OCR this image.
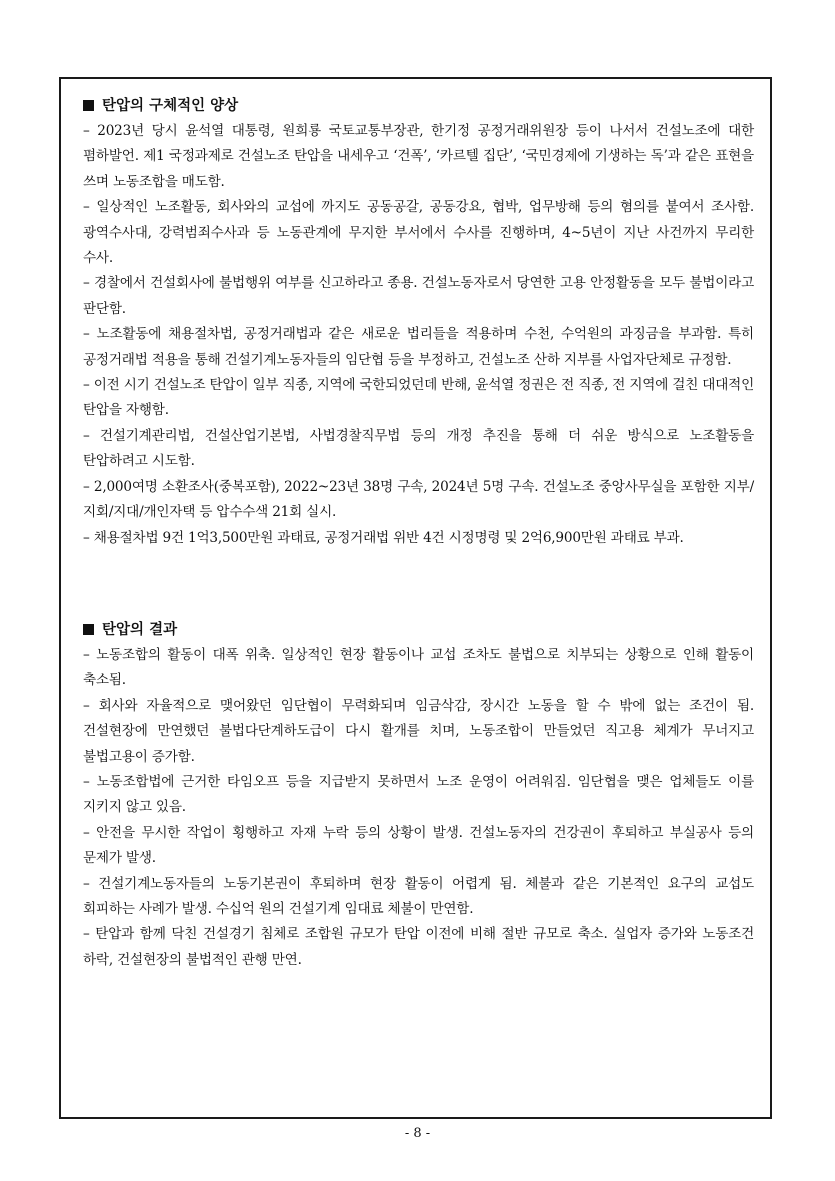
탄압의 구체적인 양상
– 2023년 당시 윤석열 대통령, 원희룡 국토교통부장관, 한기정 공정거래위원장 등이 나서서 건설노조에 대한 폄하발언. 제1 국정과제로 건설노조 탄압을 내세우고 ‘건폭’, ‘카르텔 집단’, ‘국민경제에 기생하는 독’과 같은 표현을 쓰며 노동조합을 매도함.
– 일상적인 노조활동, 회사와의 교섭에 까지도 공동공갈, 공동강요, 협박, 업무방해 등의 혐의를 붙여서 조사함. 광역수사대, 강력범죄수사과 등 노동관계에 무지한 부서에서 수사를 진행하며, 4~5년이 지난 사건까지 무리한 수사.
– 경찰에서 건설회사에 불법행위 여부를 신고하라고 종용. 건설노동자로서 당연한 고용 안정활동을 모두 불법이라고 판단함.
– 노조활동에 채용절차법, 공정거래법과 같은 새로운 법리들을 적용하며 수천, 수억원의 과징금을 부과함. 특히 공정거래법 적용을 통해 건설기계노동자들의 임단협 등을 부정하고, 건설노조 산하 지부를 사업자단체로 규정함.
– 이전 시기 건설노조 탄압이 일부 직종, 지역에 국한되었던데 반해, 윤석열 정권은 전 직종, 전 지역에 걸친 대대적인 탄압을 자행함.
– 건설기계관리법, 건설산업기본법, 사법경찰직무법 등의 개정 추진을 통해 더 쉬운 방식으로 노조활동을 탄압하려고 시도함.
– 2,000여명 소환조사(중복포함), 2022~23년 38명 구속, 2024년 5명 구속. 건설노조 중앙사무실을 포함한 지부/지회/지대/개인자택 등 압수수색 21회 실시.
– 채용절차법 9건 1억3,500만원 과태료, 공정거래법 위반 4건 시정명령 및 2억6,900만원 과태료 부과.
탄압의 결과
– 노동조합의 활동이 대폭 위축. 일상적인 현장 활동이나 교섭 조차도 불법으로 치부되는 상황으로 인해 활동이 축소됨.
– 회사와 자율적으로 맺어왔던 임단협이 무력화되며 임금삭감, 장시간 노동을 할 수 밖에 없는 조건이 됨. 건설현장에 만연했던 불법다단계하도급이 다시 활개를 치며, 노동조합이 만들었던 직고용 체계가 무너지고 불법고용이 증가함.
– 노동조합법에 근거한 타임오프 등을 지급받지 못하면서 노조 운영이 어려워짐. 임단협을 맺은 업체들도 이를 지키지 않고 있음.
– 안전을 무시한 작업이 횡행하고 자재 누락 등의 상황이 발생. 건설노동자의 건강권이 후퇴하고 부실공사 등의 문제가 발생.
– 건설기계노동자들의 노동기본권이 후퇴하며 현장 활동이 어렵게 됨. 체불과 같은 기본적인 요구의 교섭도 회피하는 사례가 발생. 수십억 원의 건설기계 임대료 체불이 만연함.
– 탄압과 함께 닥친 건설경기 침체로 조합원 규모가 탄압 이전에 비해 절반 규모로 축소. 실업자 증가와 노동조건 하락, 건설현장의 불법적인 관행 만연.
- 8 -
